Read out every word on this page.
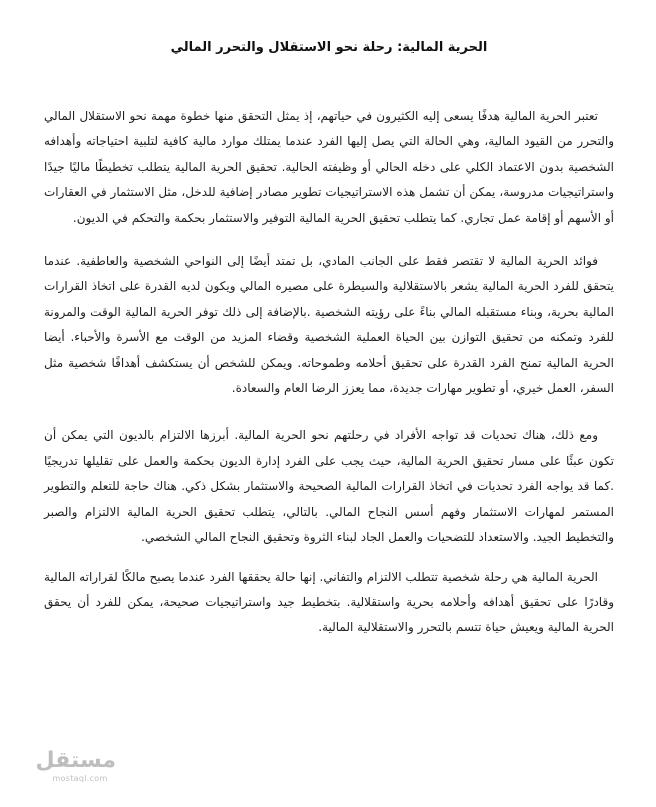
الحرية المالية: رحلة نحو الاستقلال والتحرر المالي

تعتبر الحرية المالية هدفًا يسعى إليه الكثيرون في حياتهم، إذ يمثل التحقق منها خطوة مهمة نحو الاستقلال المالي والتحرر من القيود المالية، وهي الحالة التي يصل إليها الفرد عندما يمتلك موارد مالية كافية لتلبية احتياجاته وأهدافه الشخصية بدون الاعتماد الكلي على دخله الحالي أو وظيفته الحالية. تحقيق الحرية المالية يتطلب تخطيطًا ماليًا جيدًا واستراتيجيات مدروسة، يمكن أن تشمل هذه الاستراتيجيات تطوير مصادر إضافية للدخل، مثل الاستثمار في العقارات أو الأسهم أو إقامة عمل تجاري. كما يتطلب تحقيق الحرية المالية التوفير والاستثمار بحكمة والتحكم في الديون.

فوائد الحرية المالية لا تقتصر فقط على الجانب المادي، بل تمتد أيضًا إلى النواحي الشخصية والعاطفية. عندما يتحقق للفرد الحرية المالية يشعر بالاستقلالية والسيطرة على مصيره المالي ويكون لديه القدرة على اتخاذ القرارات المالية بحرية، وبناء مستقبله المالي بناءً على رؤيته الشخصية .بالإضافة إلى ذلك توفر الحرية المالية الوقت والمرونة للفرد وتمكنه من تحقيق التوازن بين الحياة العملية الشخصية وقضاء المزيد من الوقت مع الأسرة والأحباء. أيضا الحرية المالية تمنح الفرد القدرة على تحقيق أحلامه وطموحاته. ويمكن للشخص أن يستكشف أهدافًا شخصية مثل السفر، العمل خيري، أو تطوير مهارات جديدة، مما يعزز الرضا العام والسعادة.

ومع ذلك، هناك تحديات قد تواجه الأفراد في رحلتهم نحو الحرية المالية. أبرزها الالتزام بالديون التي يمكن أن تكون عبئًا على مسار تحقيق الحرية المالية، حيث يجب على الفرد إدارة الديون بحكمة والعمل على تقليلها تدريجيًا .كما قد يواجه الفرد تحديات في اتخاذ القرارات المالية الصحيحة والاستثمار بشكل ذكي. هناك حاجة للتعلم والتطوير المستمر لمهارات الاستثمار وفهم أسس النجاح المالي. بالتالي، يتطلب تحقيق الحرية المالية الالتزام والصبر والتخطيط الجيد. والاستعداد للتضحيات والعمل الجاد لبناء الثروة وتحقيق النجاح المالي الشخصي.

الحرية المالية هي رحلة شخصية تتطلب الالتزام والتفاني. إنها حالة يحققها الفرد عندما يصبح مالكًا لقراراته المالية وقادرًا على تحقيق أهدافه وأحلامه بحرية واستقلالية. بتخطيط جيد واستراتيجيات صحيحة، يمكن للفرد أن يحقق الحرية المالية ويعيش حياة تتسم بالتحرر والاستقلالية المالية.

مستقل
mostaql.com
